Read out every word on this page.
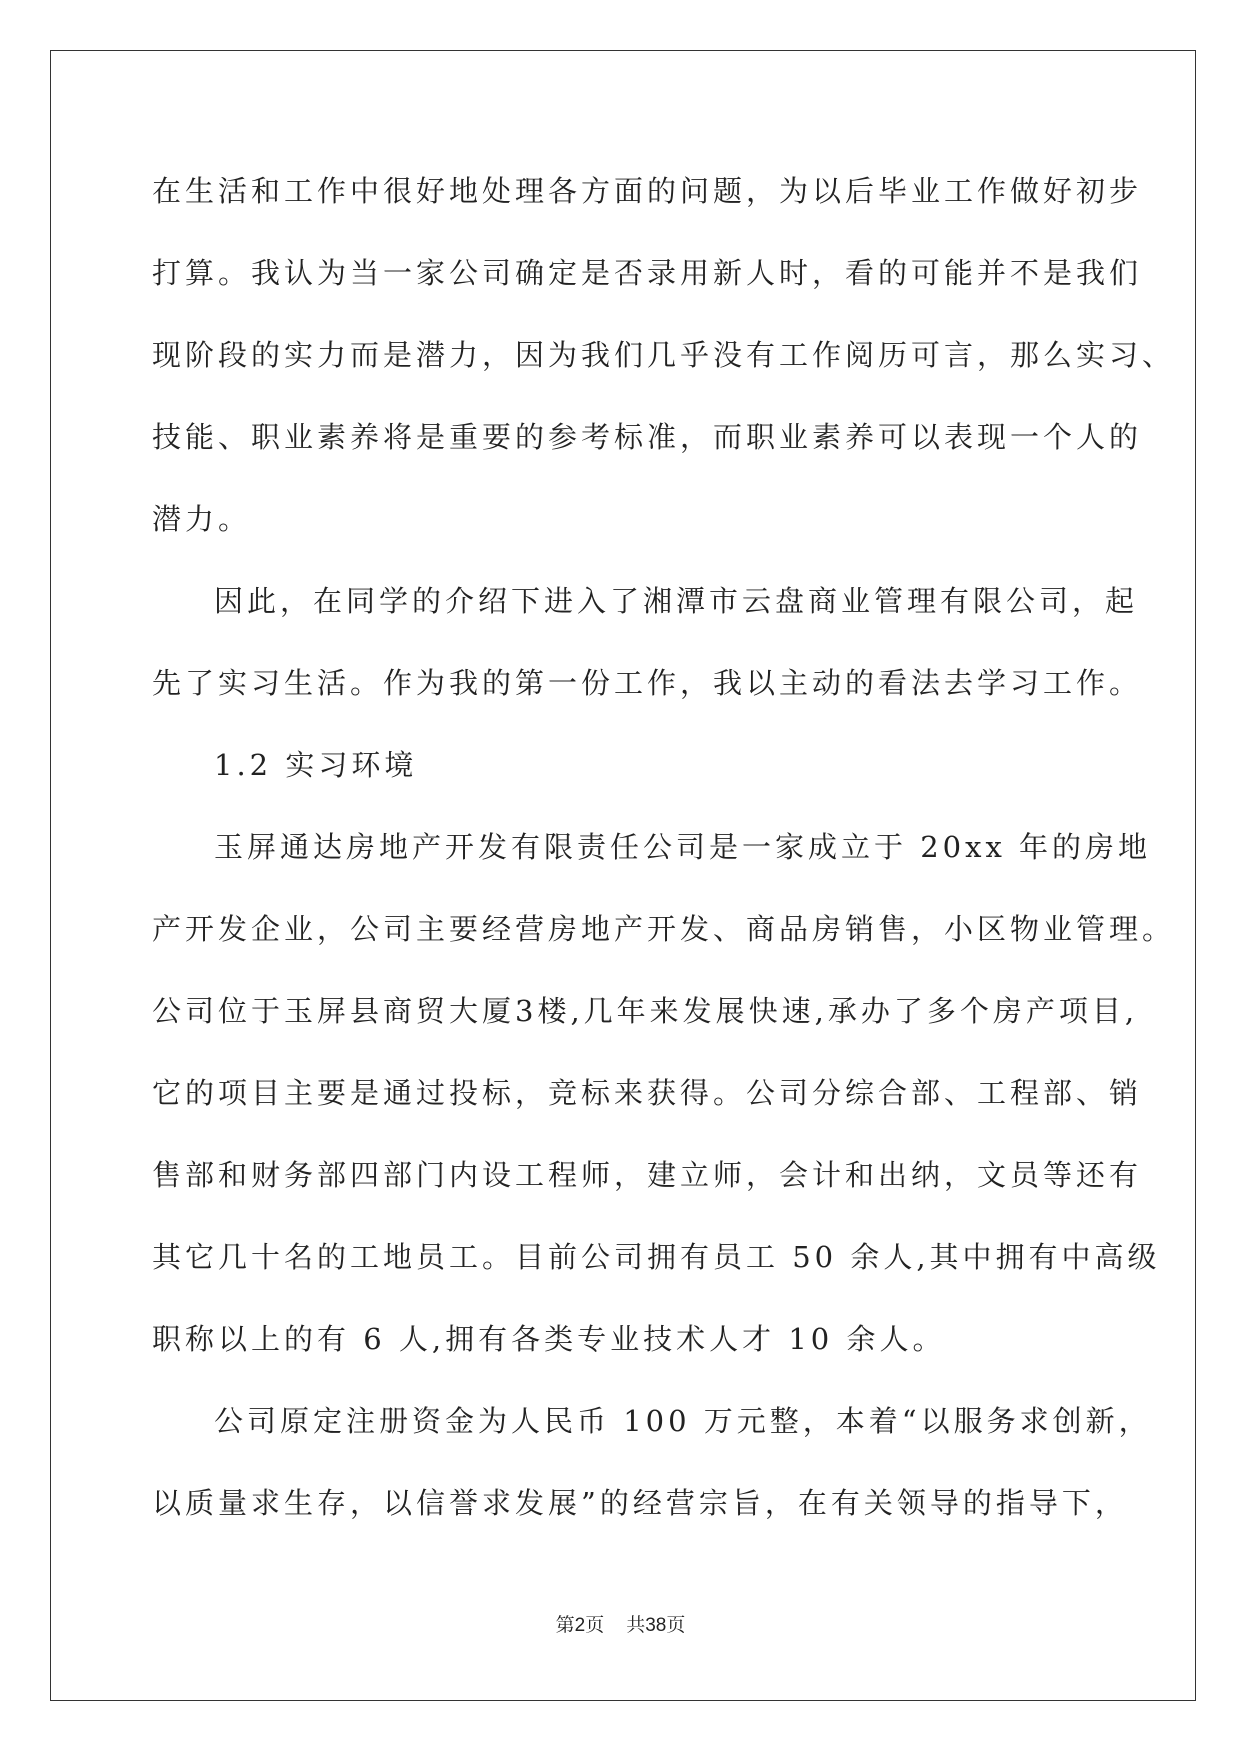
在生活和工作中很好地处理各方面的问题，为以后毕业工作做好初步
打算。我认为当一家公司确定是否录用新人时，看的可能并不是我们
现阶段的实力而是潜力，因为我们几乎没有工作阅历可言，那么实习、
技能、职业素养将是重要的参考标准，而职业素养可以表现一个人的
潜力。
因此，在同学的介绍下进入了湘潭市云盘商业管理有限公司，起
先了实习生活。作为我的第一份工作，我以主动的看法去学习工作。
1.2 实习环境
玉屏通达房地产开发有限责任公司是一家成立于 20xx 年的房地
产开发企业，公司主要经营房地产开发、商品房销售，小区物业管理。
公司位于玉屏县商贸大厦3楼,几年来发展快速,承办了多个房产项目,
它的项目主要是通过投标，竞标来获得。公司分综合部、工程部、销
售部和财务部四部门内设工程师，建立师，会计和出纳，文员等还有
其它几十名的工地员工。目前公司拥有员工 50 余人,其中拥有中高级
职称以上的有 6 人,拥有各类专业技术人才 10 余人。
公司原定注册资金为人民币 100 万元整，本着“以服务求创新，
以质量求生存，以信誉求发展”的经营宗旨，在有关领导的指导下，
第2页 共38页
